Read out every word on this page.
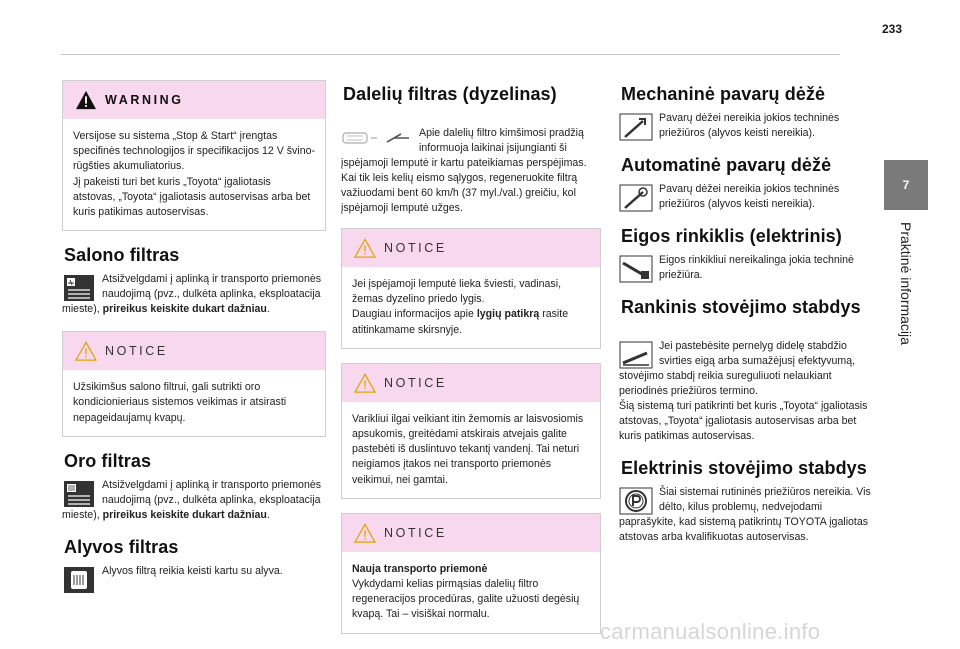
233
7
Praktinė informacija
WARNING
Versijose su sistema „Stop & Start“ įrengtas specifinės technologijos ir specifikacijos 12 V švino-rūgšties akumuliatorius.
Jį pakeisti turi bet kuris „Toyota“ įgaliotasis atstovas, „Toyota“ įgaliotasis autoservisas arba bet kuris patikimas autoservisas.
Salono filtras
Atsižvelgdami į aplinką ir transporto priemonės naudojimą (pvz., dulkėta aplinka, eksploatacija mieste), prireikus keiskite dukart dažniau.
NOTICE
Užsikimšus salono filtrui, gali sutrikti oro kondicionieriaus sistemos veikimas ir atsirasti nepageidaujamų kvapų.
Oro filtras
Atsižvelgdami į aplinką ir transporto priemonės naudojimą (pvz., dulkėta aplinka, eksploatacija mieste), prireikus keiskite dukart dažniau.
Alyvos filtras
Alyvos filtrą reikia keisti kartu su alyva.
Dalelių filtras (dyzelinas)

Apie dalelių filtro kimšimosi pradžią informuoja laikinai įsijungianti ši įspėjamoji lemputė ir kartu pateikiamas perspėjimas.
Kai tik leis kelių eismo sąlygos, regeneruokite filtrą važiuodami bent 60 km/h (37 myl./val.) greičiu, kol įspėjamoji lemputė užges.

NOTICE
Jei įspėjamoji lemputė lieka šviesti, vadinasi, žemas dyzelino priedo lygis.
Daugiau informacijos apie lygių patikrą rasite atitinkamame skirsnyje.
NOTICE
Varikliui ilgai veikiant itin žemomis ar laisvosiomis apsukomis, greitėdami atskirais atvejais galite pastebėti iš duslintuvo tekantį vandenį. Tai neturi neigiamos įtakos nei transporto priemonės veikimui, nei gamtai.
NOTICE
Nauja transporto priemonė
Vykdydami kelias pirmąsias dalelių filtro regeneracijos procedūras, galite užuosti degėsių kvapą. Tai – visiškai normalu.
Mechaninė pavarų dėžė
Pavarų dėžei nereikia jokios techninės priežiūros (alyvos keisti nereikia).
Automatinė pavarų dėžė
Pavarų dėžei nereikia jokios techninės priežiūros (alyvos keisti nereikia).
Eigos rinkiklis (elektrinis)
Eigos rinkikliui nereikalinga jokia techninė priežiūra.
Rankinis stovėjimo stabdys

Jei pastebėsite pernelyg didelę stabdžio svirties eigą arba sumažėjusį efektyvumą, stovėjimo stabdį reikia sureguliuoti nelaukiant periodinės priežiūros termino.
Šią sistemą turi patikrinti bet kuris „Toyota“ įgaliotasis atstovas, „Toyota“ įgaliotasis autoservisas arba bet kuris patikimas autoservisas.

Elektrinis stovėjimo stabdys
Šiai sistemai rutininės priežiūros nereikia. Vis dėlto, kilus problemų, nedvejodami paprašykite, kad sistemą patikrintų TOYOTA įgaliotas atstovas arba kvalifikuotas autoservisas.
carmanualsonline.info
